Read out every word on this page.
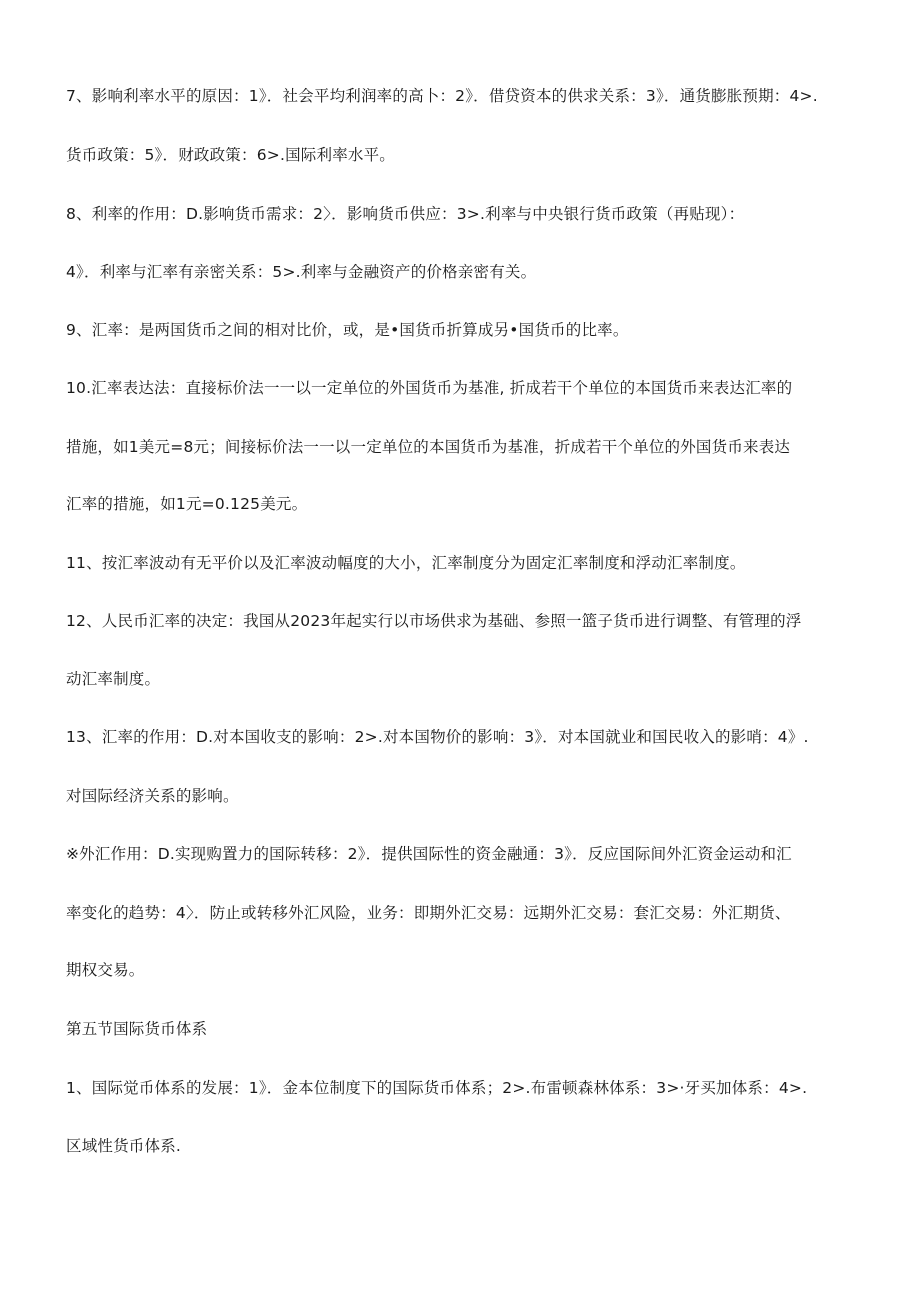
7、影响利率水平的原因：1》．社会平均利润率的高卜：2》．借贷资本的供求关系：3》．通货膨胀预期：4>.
货币政策：5》．财政政策：6>.国际利率水平。
8、利率的作用：D.影响货币需求：2〉．影响货币供应：3>.利率与中央银行货币政策（再贴现）：
4》．利率与汇率有亲密关系：5>.利率与金融资产的价格亲密有关。
9、汇率：是两国货币之间的相对比价，或，是•国货币折算成另•国货币的比率。
10.汇率表达法：直接标价法一一以一定单位的外国货币为基准, 折成若干个单位的本国货币来表达汇率的
措施，如1美元=8元；间接标价法一一以一定单位的本国货币为基准，折成若干个单位的外国货币来表达
汇率的措施，如1元=0.125美元。
11、按汇率波动有无平价以及汇率波动幅度的大小，汇率制度分为固定汇率制度和浮动汇率制度。
12、人民币汇率的决定：我国从2023年起实行以市场供求为基础、参照一篮子货币进行调整、有管理的浮
动汇率制度。
13、汇率的作用：D.对本国收支的影响：2>.对本国物价的影响：3》．对本国就业和国民收入的影哨：4》.
对国际经济关系的影响。
※外汇作用：D.实现购置力的国际转移：2》．提供国际性的资金融通：3》．反应国际间外汇资金运动和汇
率变化的趋势：4〉．防止或转移外汇风险，业务：即期外汇交易：远期外汇交易：套汇交易：外汇期货、
期权交易。
第五节国际货币体系
1、国际觉币体系的发展：1》．金本位制度下的国际货币体系；2>.布雷顿森林体系：3>·牙买加体系：4>.
区域性货币体系.
